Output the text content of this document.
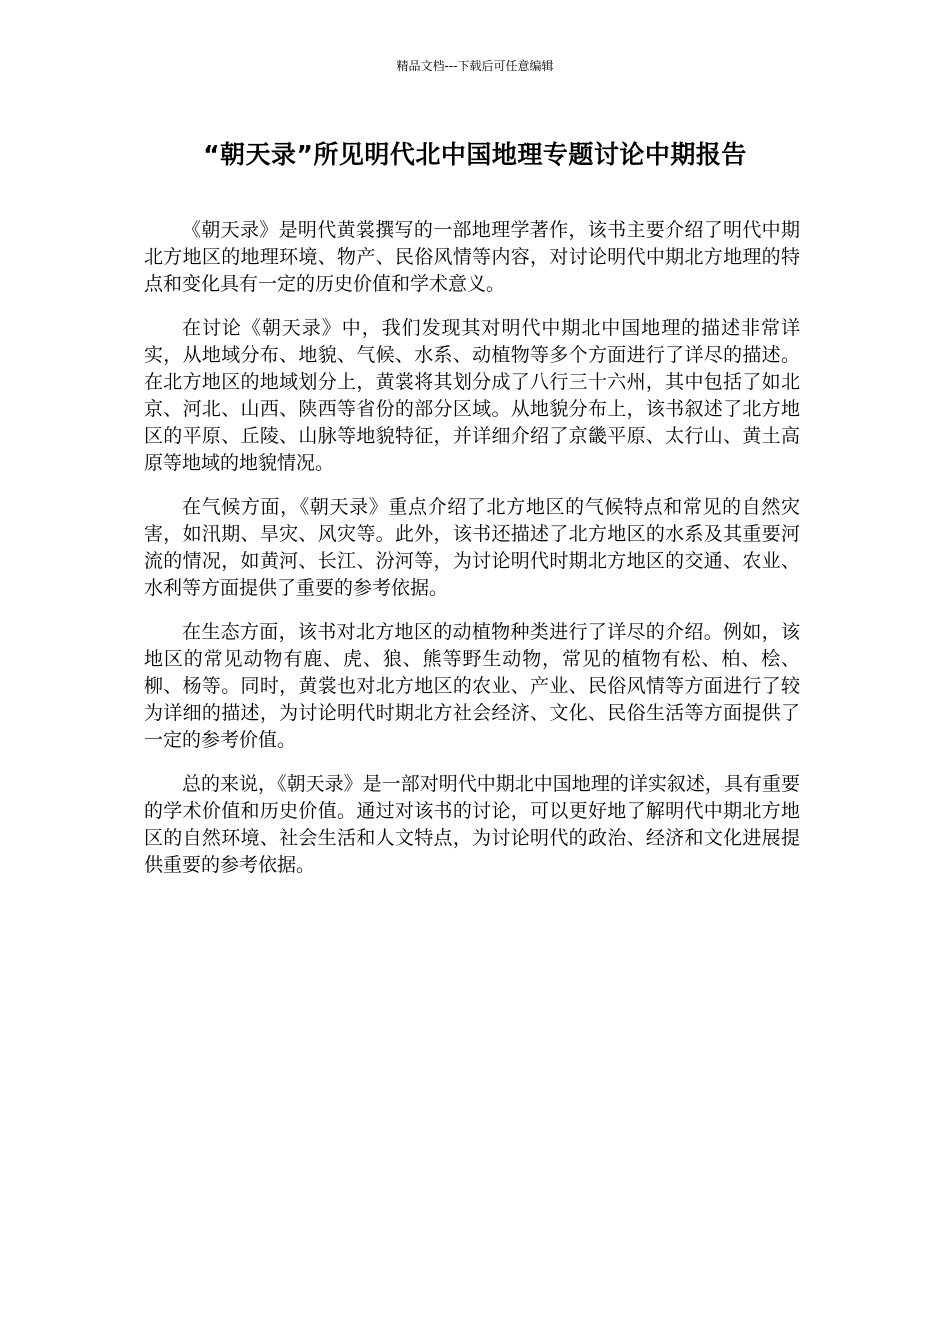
精品文档---下载后可任意编辑
“朝天录”所见明代北中国地理专题讨论中期报告

《朝天录》是明代黄裳撰写的一部地理学著作，该书主要介绍了明代中期北方地区的地理环境、物产、民俗风情等内容，对讨论明代中期北方地理的特点和变化具有一定的历史价值和学术意义。

在讨论《朝天录》中，我们发现其对明代中期北中国地理的描述非常详实，从地域分布、地貌、气候、水系、动植物等多个方面进行了详尽的描述。在北方地区的地域划分上，黄裳将其划分成了八行三十六州，其中包括了如北京、河北、山西、陕西等省份的部分区域。从地貌分布上，该书叙述了北方地区的平原、丘陵、山脉等地貌特征，并详细介绍了京畿平原、太行山、黄土高原等地域的地貌情况。

在气候方面，《朝天录》重点介绍了北方地区的气候特点和常见的自然灾害，如汛期、旱灾、风灾等。此外，该书还描述了北方地区的水系及其重要河流的情况，如黄河、长江、汾河等，为讨论明代时期北方地区的交通、农业、水利等方面提供了重要的参考依据。

在生态方面，该书对北方地区的动植物种类进行了详尽的介绍。例如，该地区的常见动物有鹿、虎、狼、熊等野生动物，常见的植物有松、柏、桧、柳、杨等。同时，黄裳也对北方地区的农业、产业、民俗风情等方面进行了较为详细的描述，为讨论明代时期北方社会经济、文化、民俗生活等方面提供了一定的参考价值。

总的来说，《朝天录》是一部对明代中期北中国地理的详实叙述，具有重要的学术价值和历史价值。通过对该书的讨论，可以更好地了解明代中期北方地区的自然环境、社会生活和人文特点，为讨论明代的政治、经济和文化进展提供重要的参考依据。
